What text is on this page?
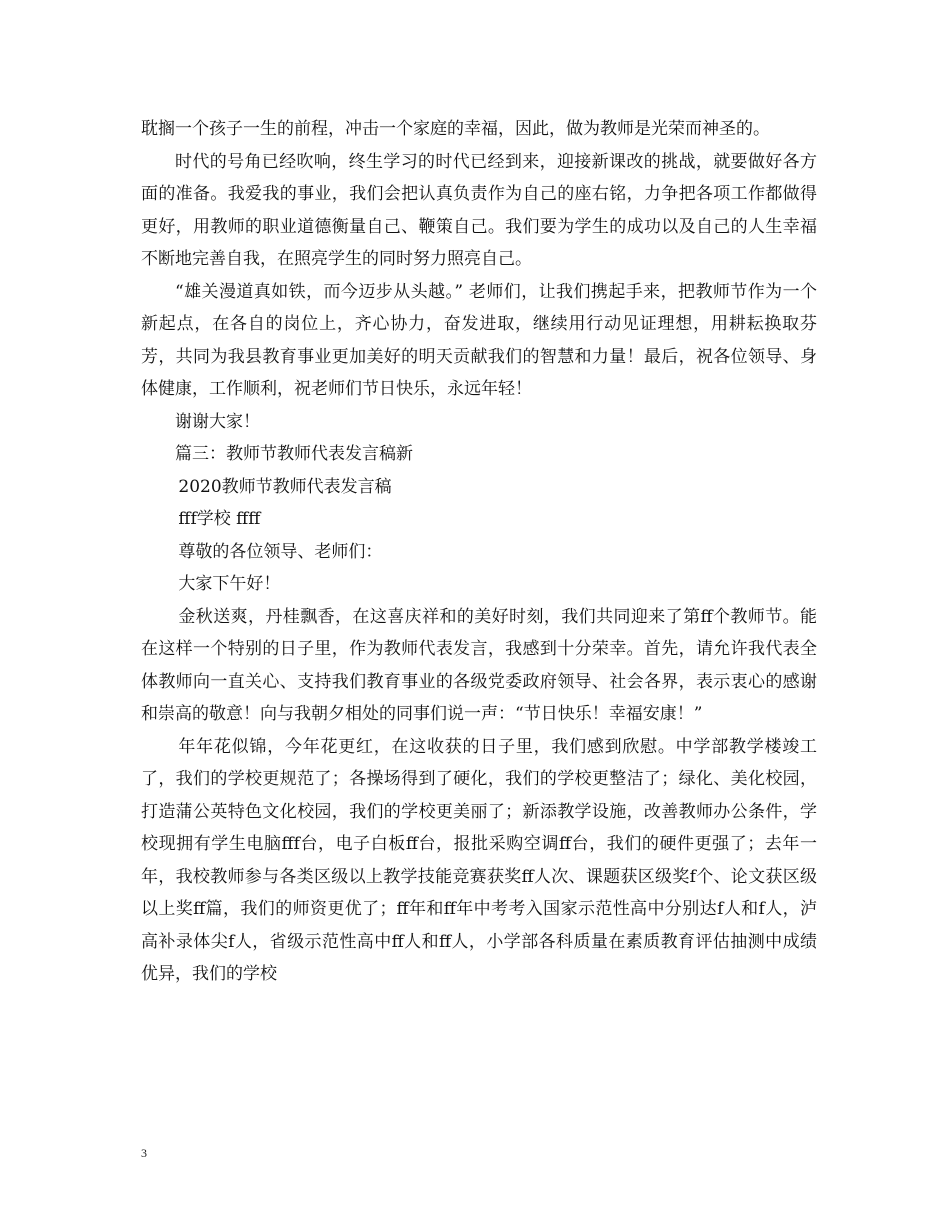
耽搁一个孩子一生的前程，冲击一个家庭的幸福，因此，做为教师是光荣而神圣的。

时代的号角已经吹响，终生学习的时代已经到来，迎接新课改的挑战，就要做好各方面的准备。我爱我的事业，我们会把认真负责作为自己的座右铭，力争把各项工作都做得更好，用教师的职业道德衡量自己、鞭策自己。我们要为学生的成功以及自己的人生幸福不断地完善自我，在照亮学生的同时努力照亮自己。

“雄关漫道真如铁，而今迈步从头越。” 老师们，让我们携起手来，把教师节作为一个新起点，在各自的岗位上，齐心协力，奋发进取，继续用行动见证理想，用耕耘换取芬芳，共同为我县教育事业更加美好的明天贡献我们的智慧和力量！最后，祝各位领导、身体健康，工作顺利，祝老师们节日快乐，永远年轻！

谢谢大家！

篇三：教师节教师代表发言稿新

2020教师节教师代表发言稿

fff学校 ffff

尊敬的各位领导、老师们：

大家下午好！

金秋送爽，丹桂飘香，在这喜庆祥和的美好时刻，我们共同迎来了第ff个教师节。能在这样一个特别的日子里，作为教师代表发言，我感到十分荣幸。首先，请允许我代表全体教师向一直关心、支持我们教育事业的各级党委政府领导、社会各界，表示衷心的感谢和崇高的敬意！向与我朝夕相处的同事们说一声：“节日快乐！幸福安康！”

年年花似锦，今年花更红，在这收获的日子里，我们感到欣慰。中学部教学楼竣工了，我们的学校更规范了；各操场得到了硬化，我们的学校更整洁了；绿化、美化校园，打造蒲公英特色文化校园，我们的学校更美丽了；新添教学设施，改善教师办公条件，学校现拥有学生电脑fff台，电子白板ff台，报批采购空调ff台，我们的硬件更强了；去年一年，我校教师参与各类区级以上教学技能竞赛获奖ff人次、课题获区级奖f个、论文获区级以上奖ff篇，我们的师资更优了；ff年和ff年中考考入国家示范性高中分别达f人和f人，泸高补录体尖f人，省级示范性高中ff人和ff人，小学部各科质量在素质教育评估抽测中成绩优异，我们的学校

3
